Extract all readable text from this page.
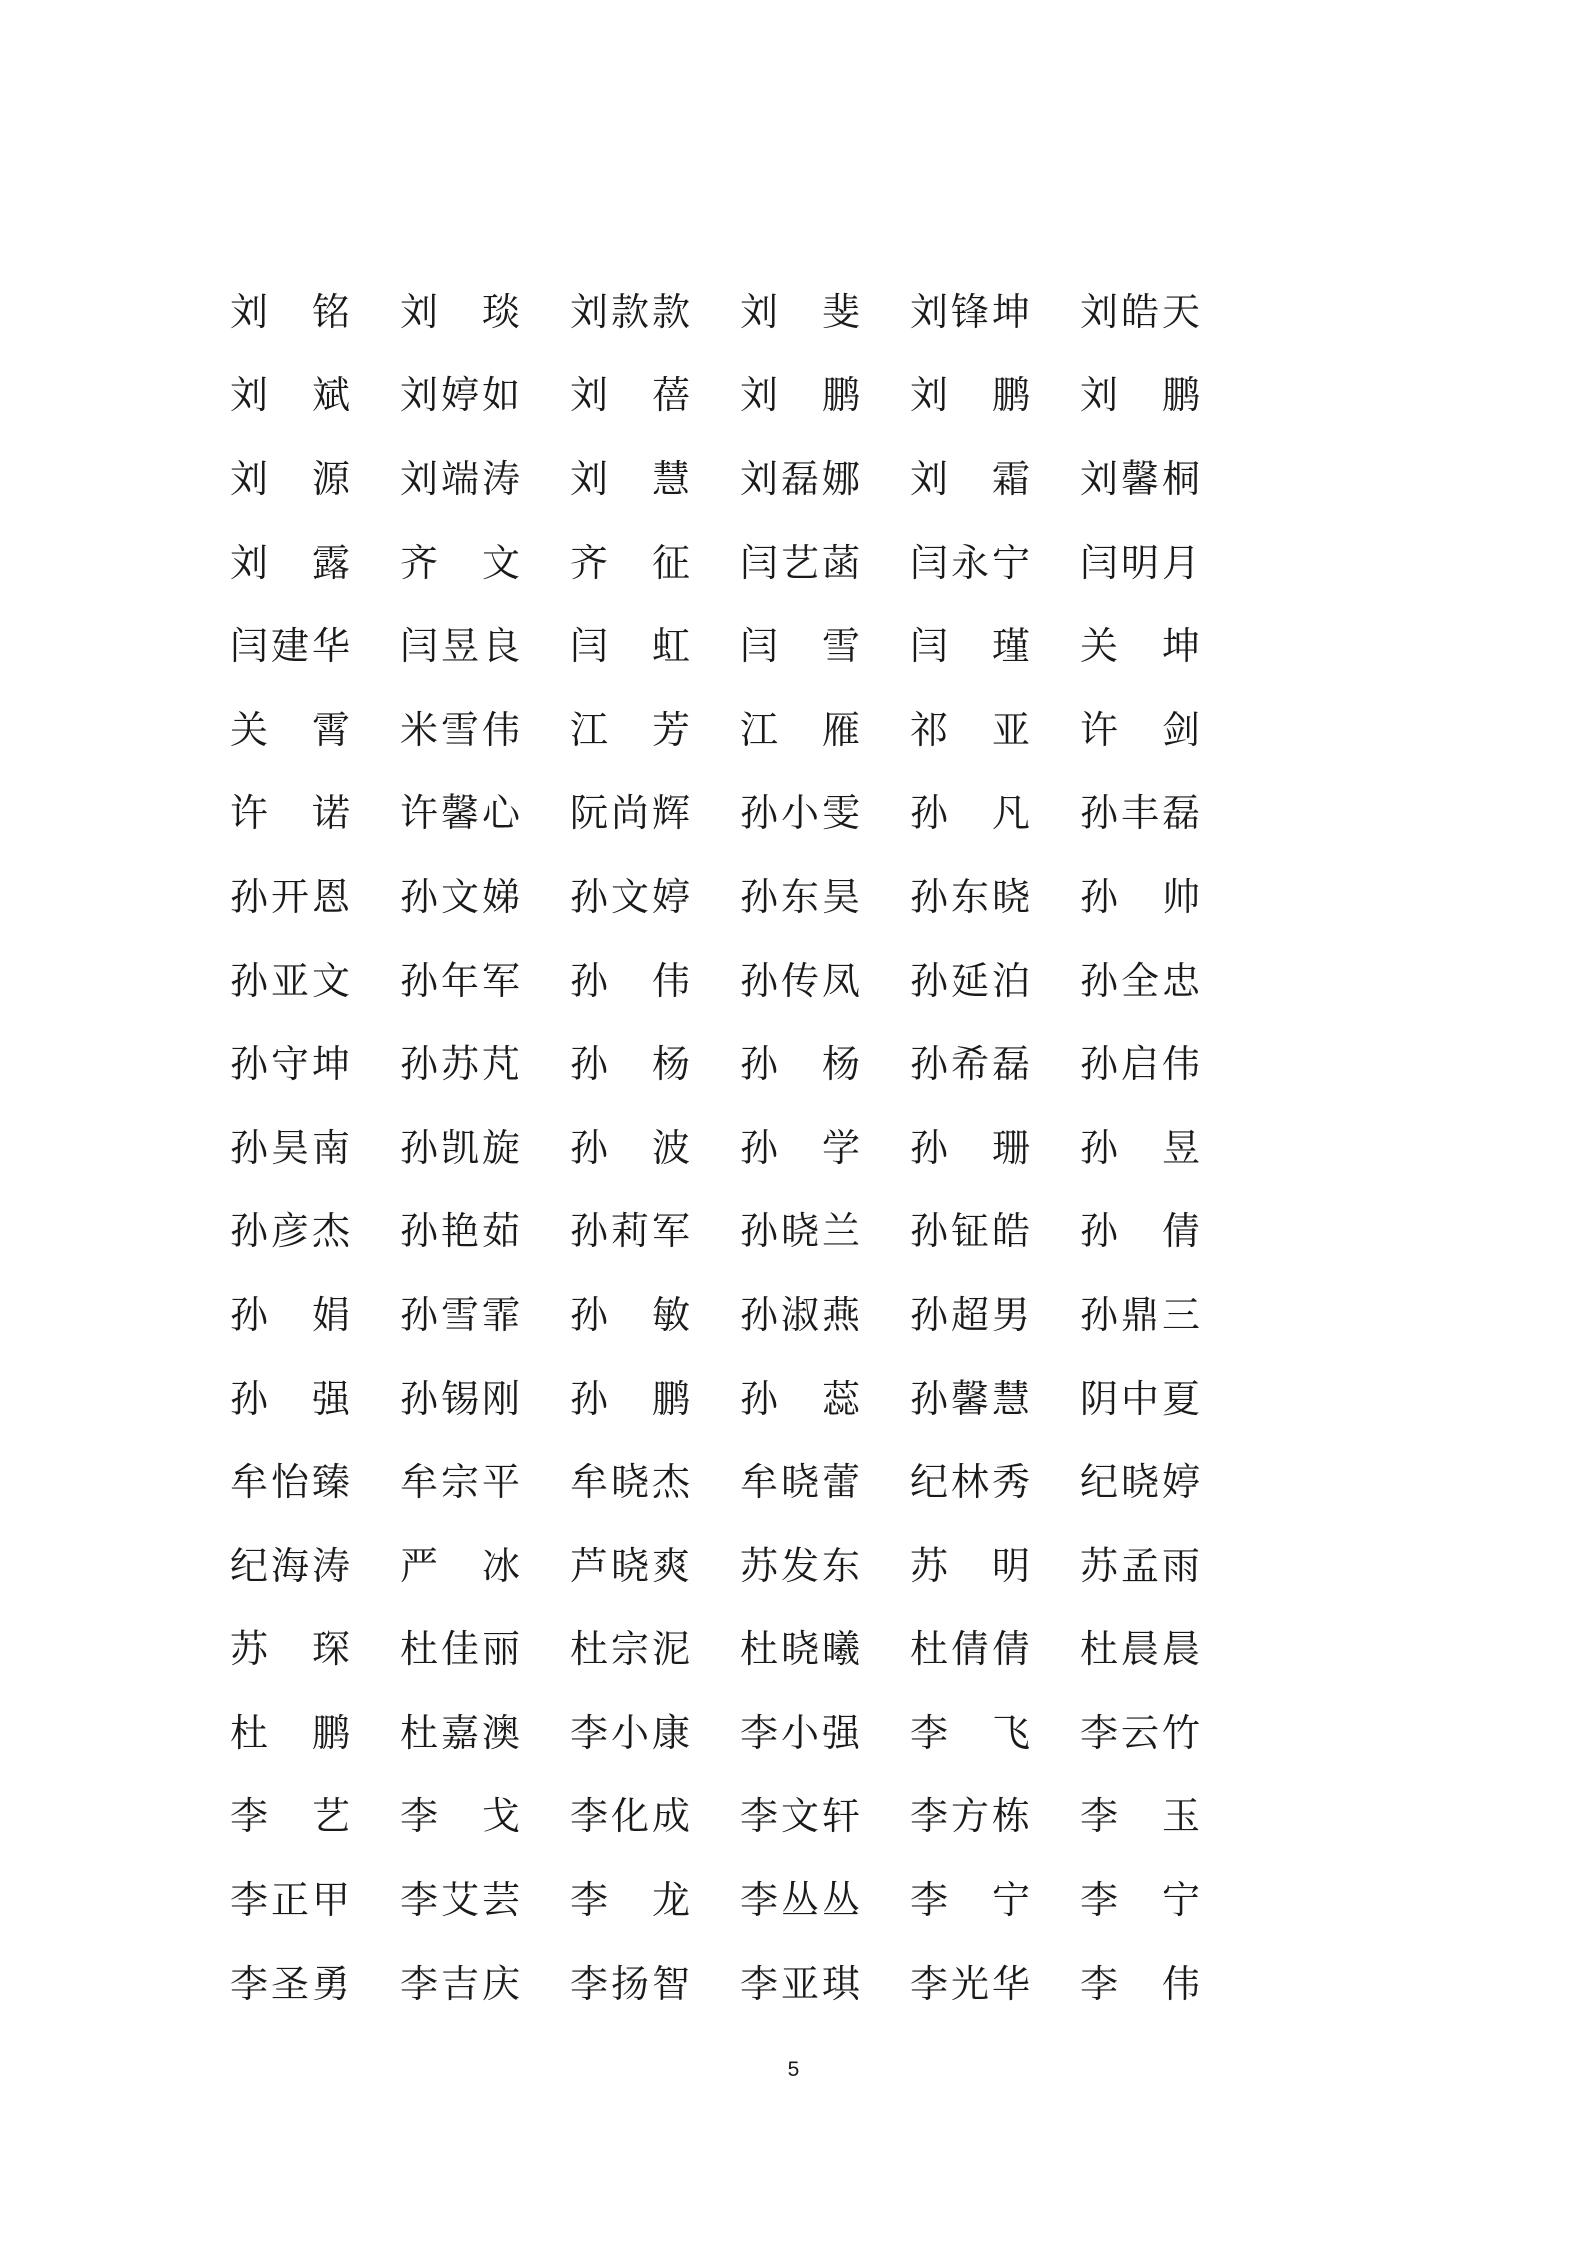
刘 铭 刘 琰 刘 款 款 刘 斐 刘 锋 坤 刘 皓 天
刘 斌 刘 婷 如 刘 蓓 刘 鹏 刘 鹏 刘 鹏
刘 源 刘 端 涛 刘 慧 刘 磊 娜 刘 霜 刘 馨 桐
刘 露 齐 文 齐 征 闫 艺 菡 闫 永 宁 闫 明 月
闫 建 华 闫 昱 良 闫 虹 闫 雪 闫 瑾 关 坤
关 霄 米 雪 伟 江 芳 江 雁 祁 亚 许 剑
许 诺 许 馨 心 阮 尚 辉 孙 小 雯 孙 凡 孙 丰 磊
孙 开 恩 孙 文 娣 孙 文 婷 孙 东 昊 孙 东 晓 孙 帅
孙 亚 文 孙 年 军 孙 伟 孙 传 凤 孙 延 泊 孙 全 忠
孙 守 坤 孙 苏 芃 孙 杨 孙 杨 孙 希 磊 孙 启 伟
孙 昊 南 孙 凯 旋 孙 波 孙 学 孙 珊 孙 昱
孙 彦 杰 孙 艳 茹 孙 莉 军 孙 晓 兰 孙 钲 皓 孙 倩
孙 娟 孙 雪 霏 孙 敏 孙 淑 燕 孙 超 男 孙 鼎 三
孙 强 孙 锡 刚 孙 鹏 孙 蕊 孙 馨 慧 阴 中 夏
牟 怡 臻 牟 宗 平 牟 晓 杰 牟 晓 蕾 纪 林 秀 纪 晓 婷
纪 海 涛 严 冰 芦 晓 爽 苏 发 东 苏 明 苏 孟 雨
苏 琛 杜 佳 丽 杜 宗 泥 杜 晓 曦 杜 倩 倩 杜 晨 晨
杜 鹏 杜 嘉 澳 李 小 康 李 小 强 李 飞 李 云 竹
李 艺 李 戈 李 化 成 李 文 轩 李 方 栋 李 玉
李 正 甲 李 艾 芸 李 龙 李 丛 丛 李 宁 李 宁
李 圣 勇 李 吉 庆 李 扬 智 李 亚 琪 李 光 华 李 伟
5
